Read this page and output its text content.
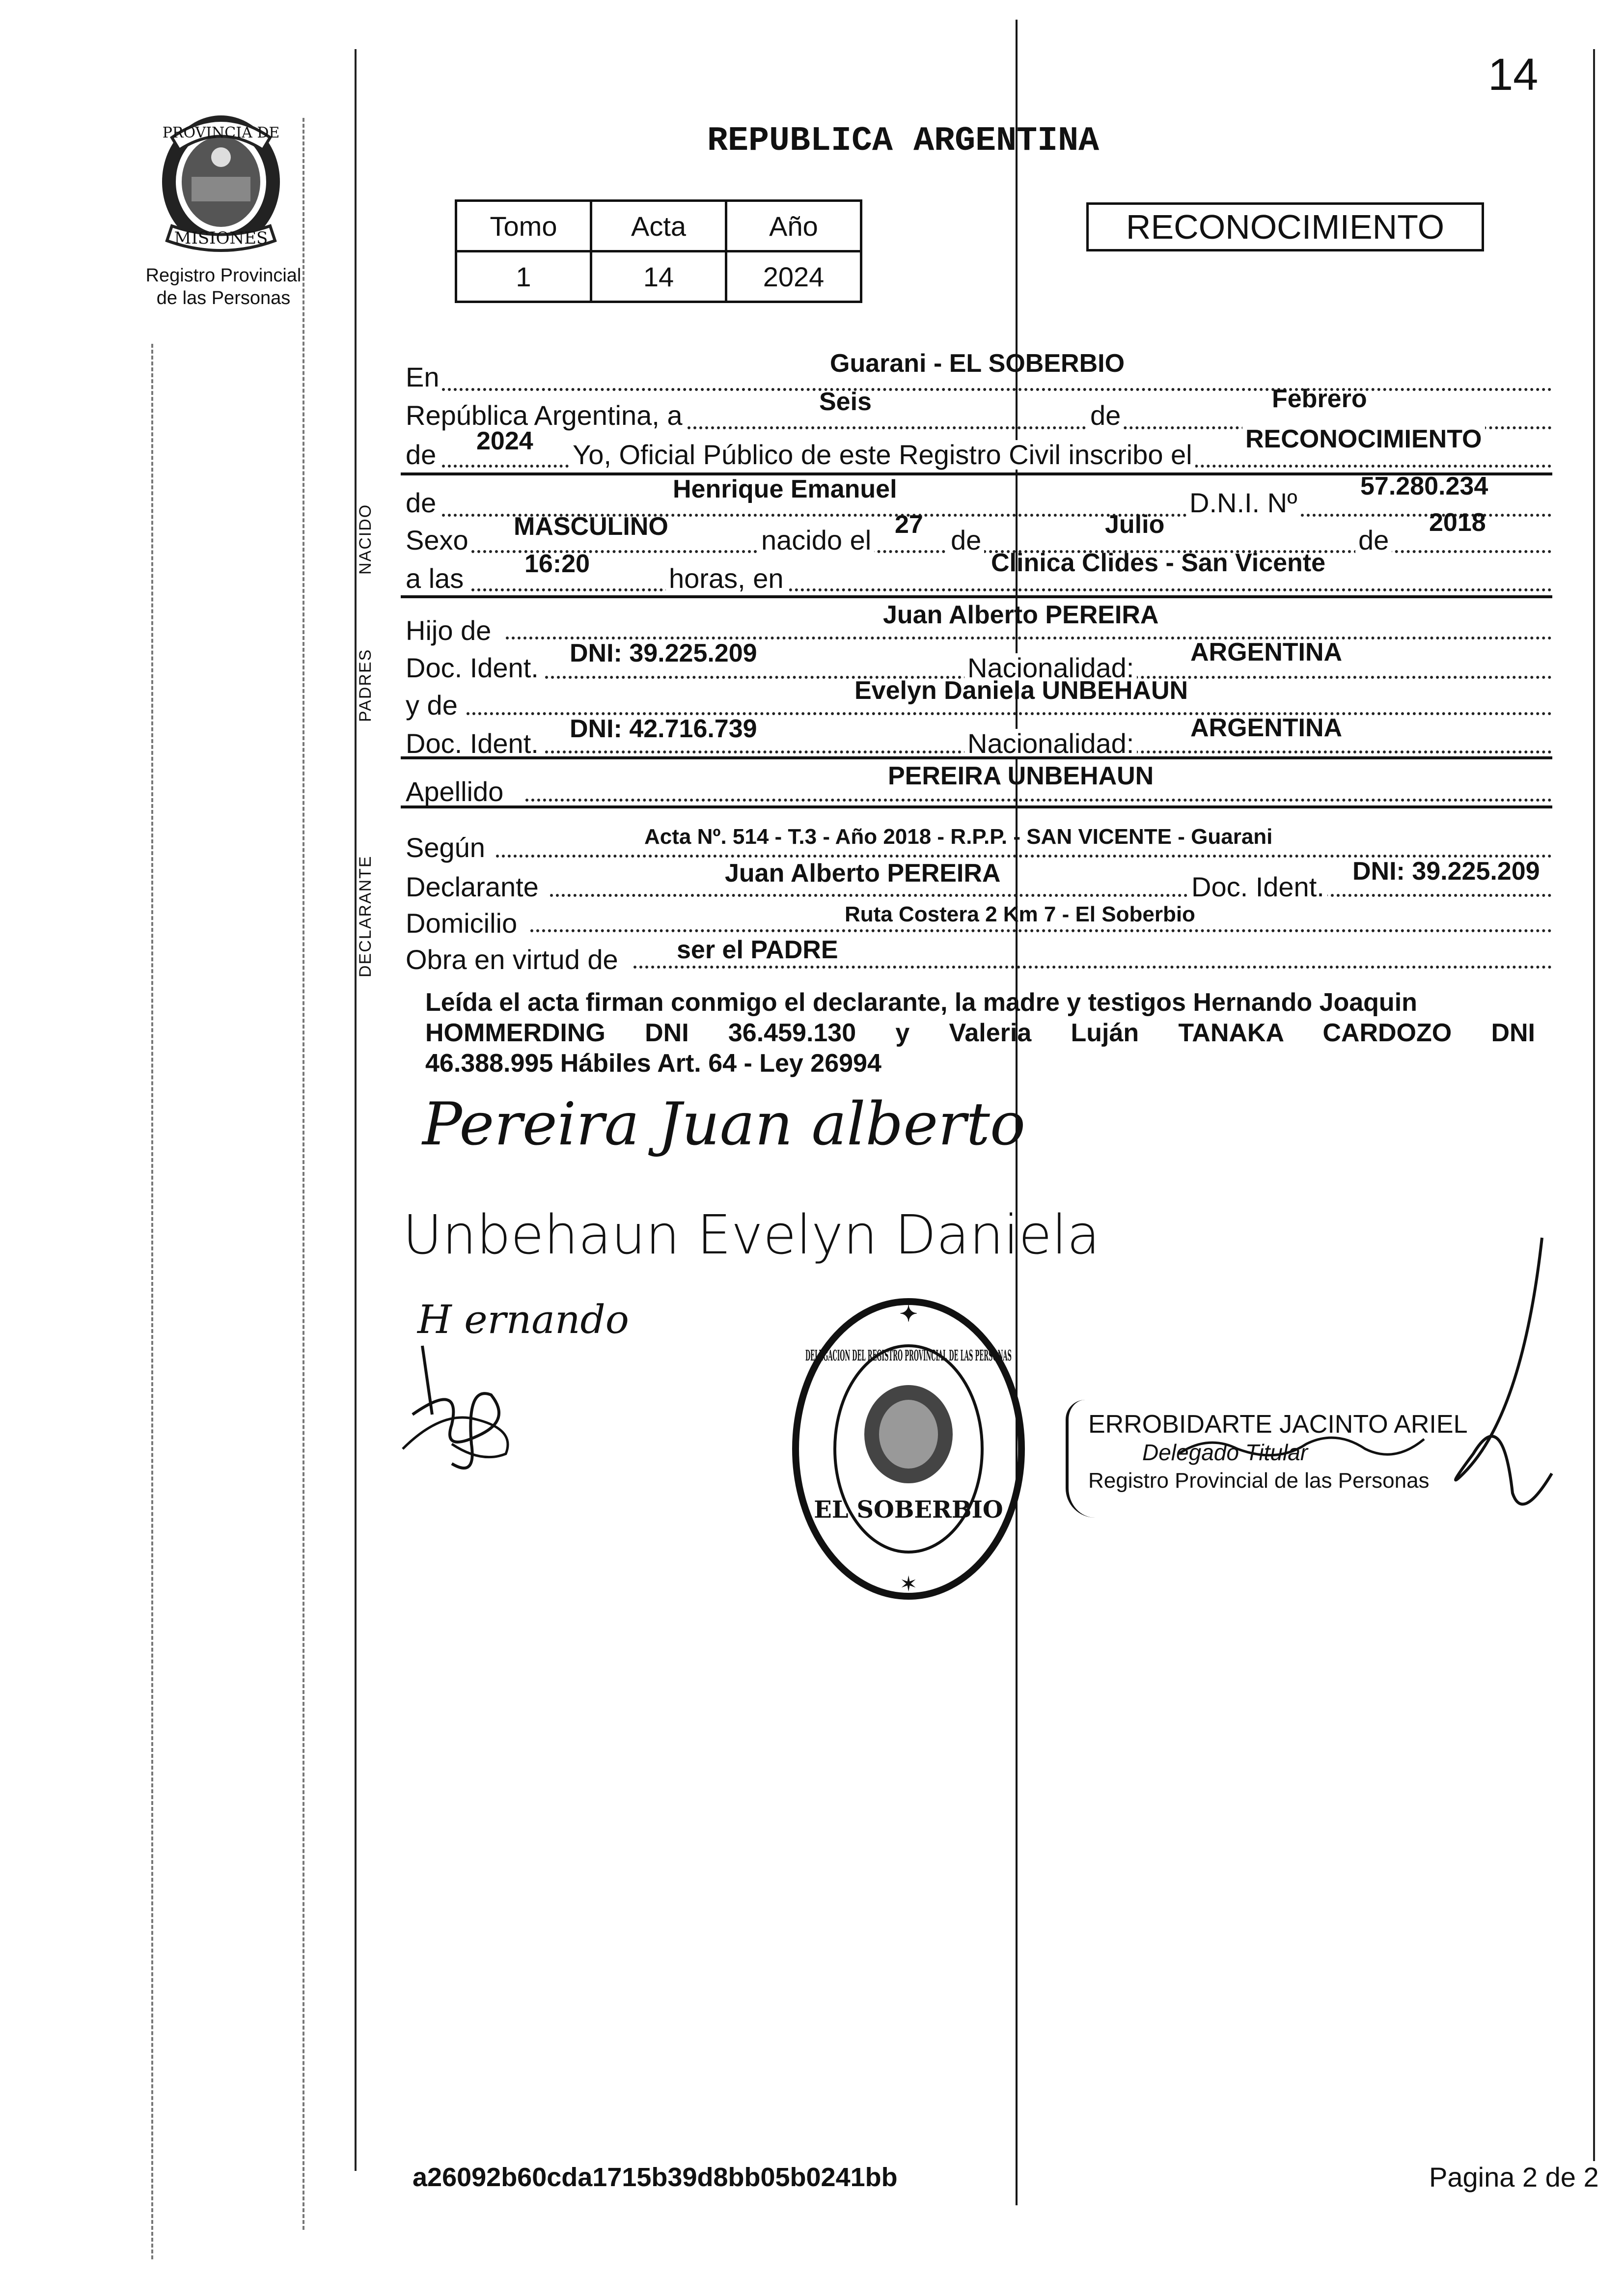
14
PROVINCIA DE
MISIONES
Registro Provincial
de las Personas
REPUBLICA ARGENTINA
Tomo	Acta	Año
1	14	2024
RECONOCIMIENTO
NACIDO
PADRES
DECLARANTE
En	Guarani - EL SOBERBIO
República Argentina, a	Seis	de
Febrero
de 2024 Yo, Oficial Público de este Registro Civil inscribo el RECONOCIMIENTO
de	Henrique Emanuel	D.N.I. Nº
57.280.234
Sexo MASCULINO	nacido el 27 de	Julio	de
2018
a las 16:20	horas, en	Clinica Clides - San Vicente
Hijo de	Juan Alberto PEREIRA
Doc. Ident. DNI: 39.225.209	Nacionalidad: ARGENTINA
y de	Evelyn Daniela UNBEHAUN
Doc. Ident. DNI: 42.716.739	Nacionalidad: ARGENTINA
Apellido	PEREIRA UNBEHAUN
Según	Acta Nº. 514 - T.3 - Año 2018 - R.P.P. - SAN VICENTE - Guarani
Declarante	Juan Alberto PEREIRA	Doc. Ident. DNI: 39.225.209
Domicilio	Ruta Costera 2 Km 7 - El Soberbio
Obra en virtud de ser el PADRE
Leída el acta firman conmigo el declarante, la madre y testigos Hernando Joaquin
HOMMERDING DNI 36.459.130 y Valeria Luján TANAKA CARDOZO DNI
46.388.995 Hábiles Art. 64 - Ley 26994
Pereira Juan alberto
Unbehaun Evelyn Daniela
H ernando	✦
✶
DELEGACION DEL REGISTRO PROVINCIAL DE LAS PERSONAS
EL SOBERBIO
ERROBIDARTE JACINTO ARIEL
Delegado Titular
Registro Provincial de las Personas
a26092b60cda1715b39d8bb05b0241bb	Pagina 2 de 2
